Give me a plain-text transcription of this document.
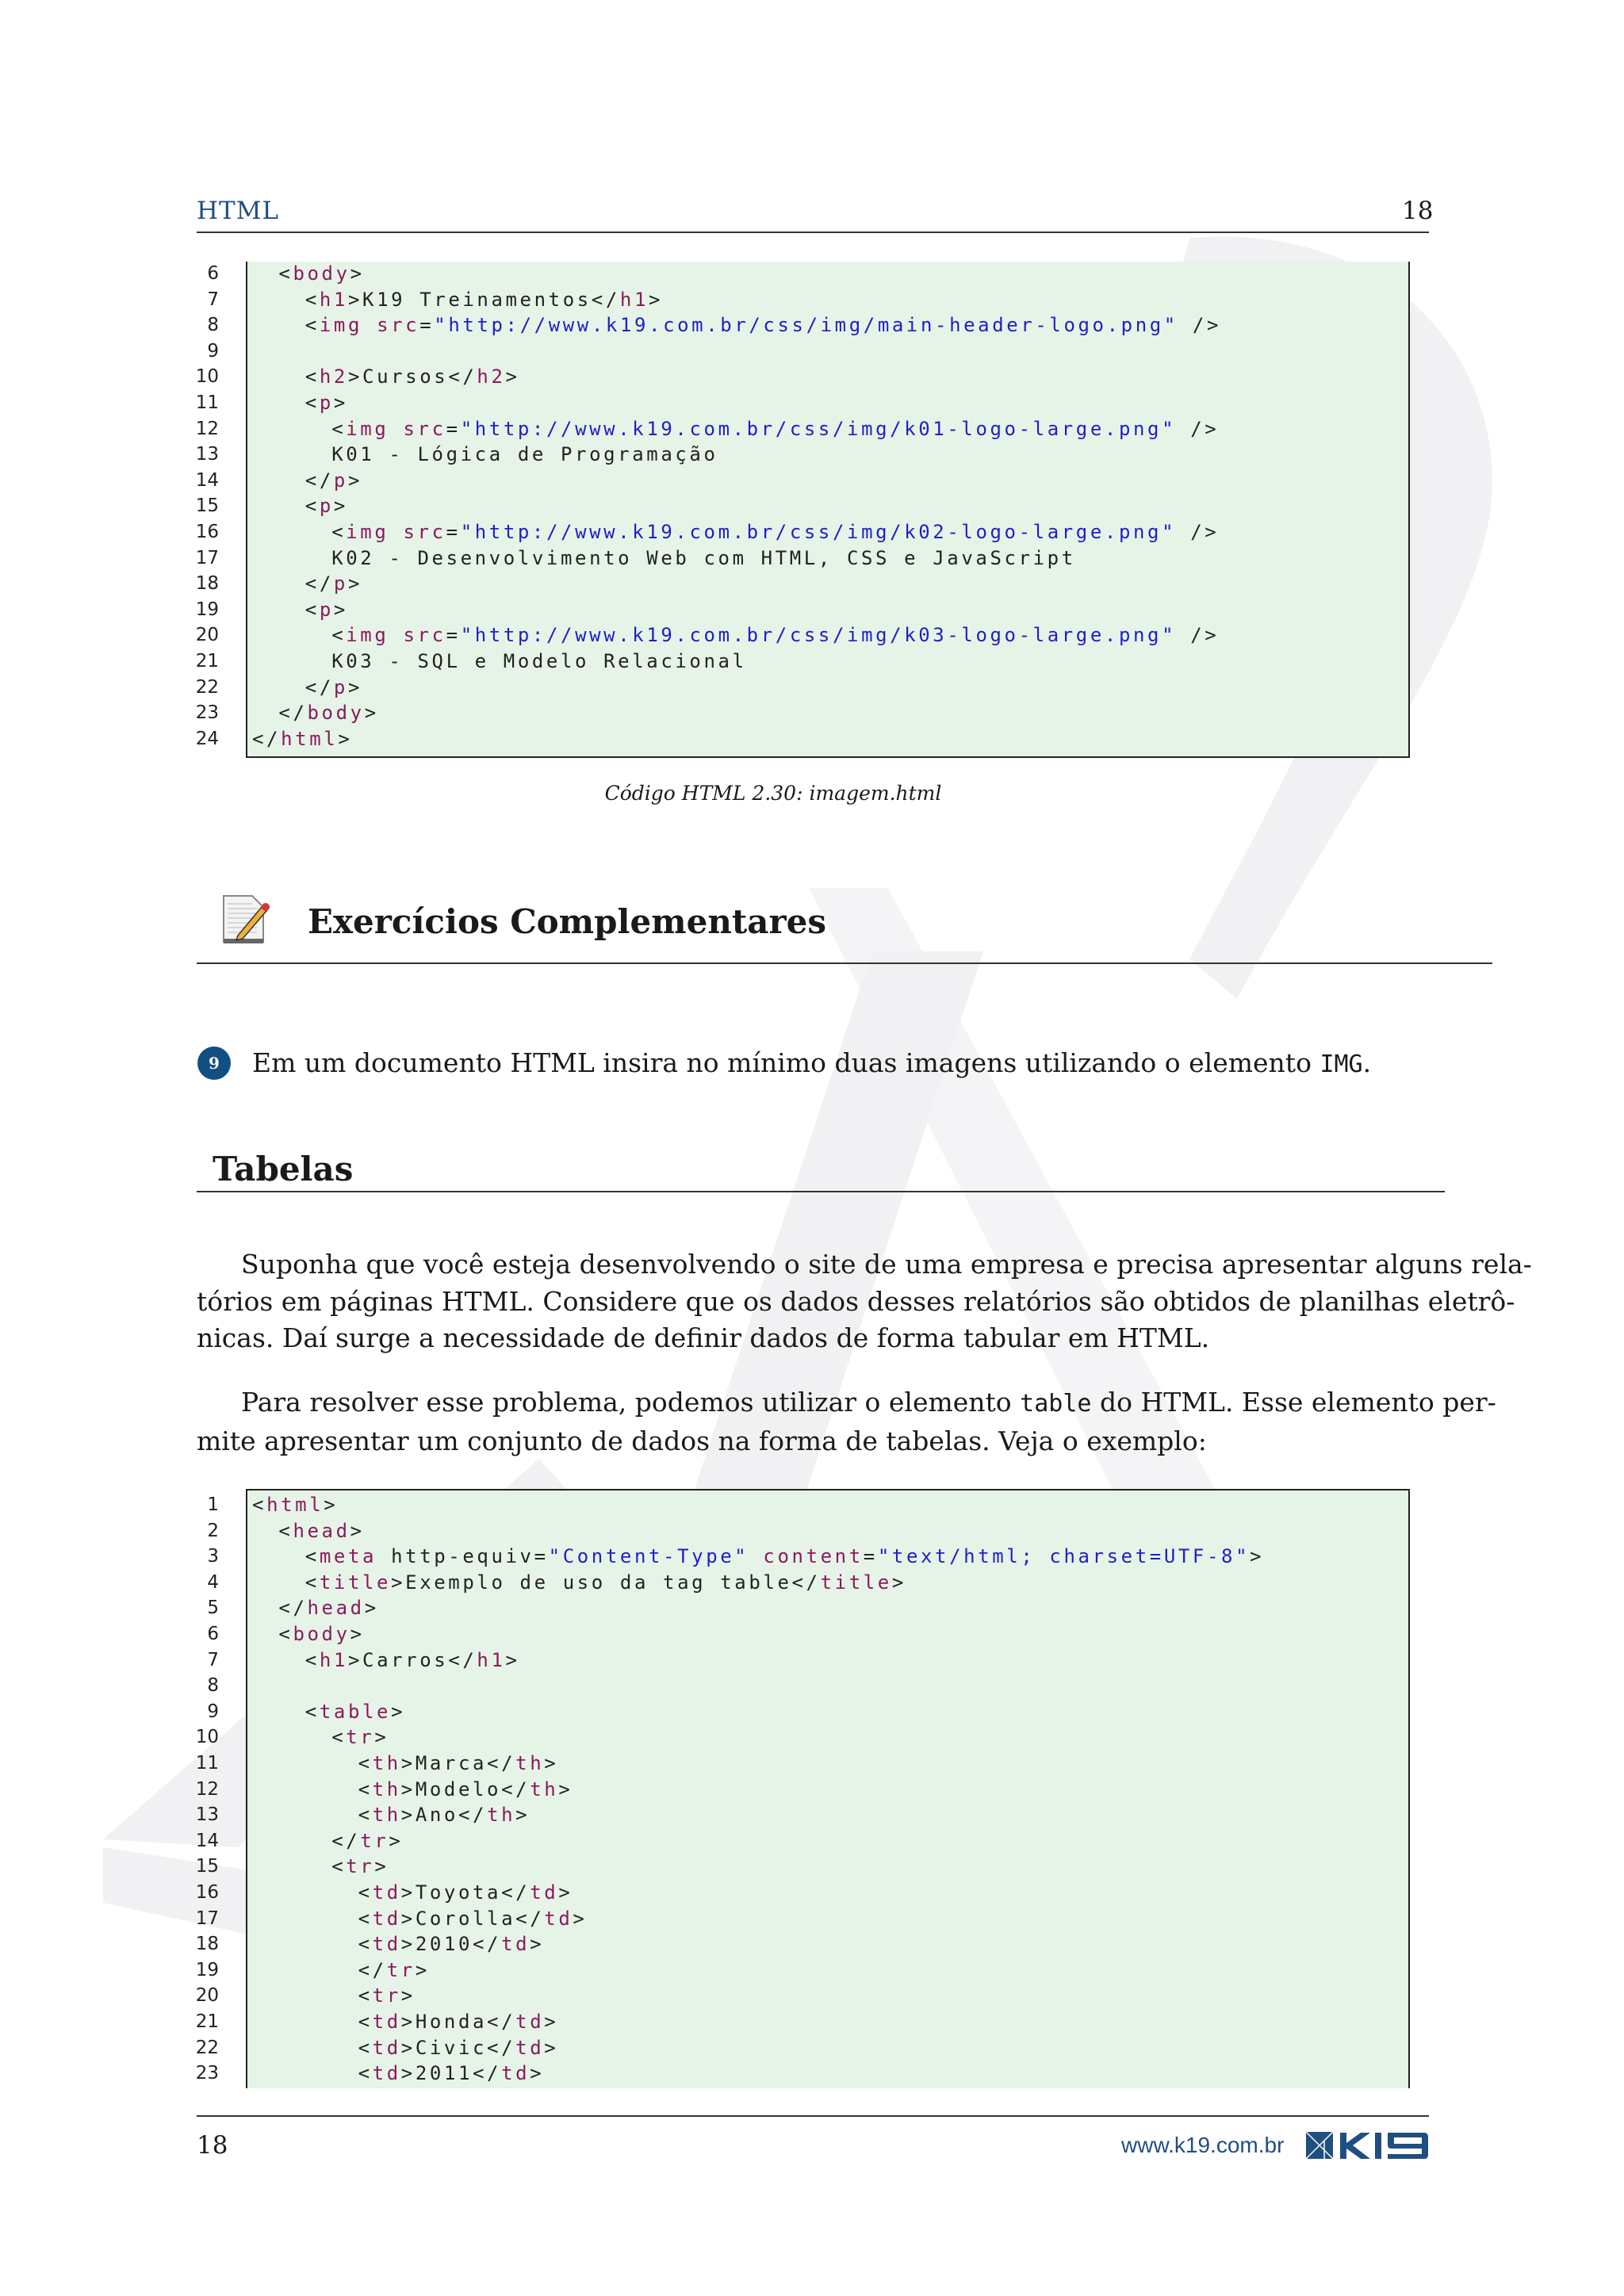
HTML	18
6	<body>
7	<h1>K19 Treinamentos</h1>
8	<img src="http://www.k19.com.br/css/img/main-header-logo.png" />
9
10	<h2>Cursos</h2>
11	<p>
12	<img src="http://www.k19.com.br/css/img/k01-logo-large.png" />
13	K01 - Lógica de Programação
14	</p>
15	<p>
16	<img src="http://www.k19.com.br/css/img/k02-logo-large.png" />
17	K02 - Desenvolvimento Web com HTML, CSS e JavaScript
18	</p>
19	<p>
20	<img src="http://www.k19.com.br/css/img/k03-logo-large.png" />
21	K03 - SQL e Modelo Relacional
22	</p>
23	</body>
24 </html>
Código HTML 2.30: imagem.html
Exercícios Complementares
9	Em um documento HTML insira no mínimo duas imagens utilizando o elemento IMG.
Tabelas
Suponha que você esteja desenvolvendo o site de uma empresa e precisa apresentar alguns rela-
tórios em páginas HTML. Considere que os dados desses relatórios são obtidos de planilhas eletrô-
nicas. Daí surge a necessidade de definir dados de forma tabular em HTML.
Para resolver esse problema, podemos utilizar o elemento table do HTML. Esse elemento per-
mite apresentar um conjunto de dados na forma de tabelas. Veja o exemplo:
1 <html>
2	<head>
3	<meta http-equiv="Content-Type" content="text/html; charset=UTF-8">
4	<title>Exemplo de uso da tag table</title>
5	</head>
6	<body>
7	<h1>Carros</h1>
8
9	<table>
10	<tr>
11	<th>Marca</th>
12	<th>Modelo</th>
13	<th>Ano</th>
14	</tr>
15	<tr>
16	<td>Toyota</td>
17	<td>Corolla</td>
18	<td>2010</td>
19	</tr>
20	<tr>
21	<td>Honda</td>
22	<td>Civic</td>
23	<td>2011</td>
18	www.k19.com.br
